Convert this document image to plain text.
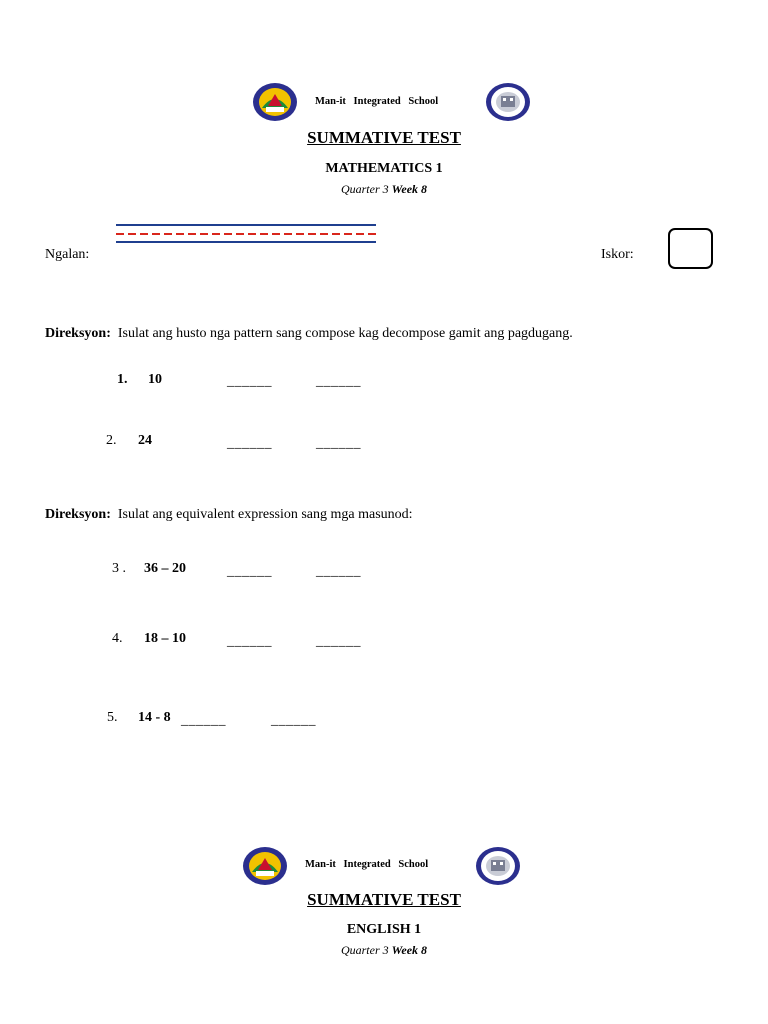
Man-it Integrated School
SUMMATIVE TEST
MATHEMATICS 1
Quarter 3 Week 8
Ngalan:	Iskor:
Direksyon: Isulat ang husto nga pattern sang compose kag decompose gamit ang pagdugang.
1. 10	______	______
2. 24	______	______
Direksyon: Isulat ang equivalent expression sang mga masunod:
3 . 36 – 20	______	______
4. 18 – 10	______	______
5. 14 - 8 ______	______
Man-it Integrated School
SUMMATIVE TEST
ENGLISH 1
Quarter 3 Week 8
